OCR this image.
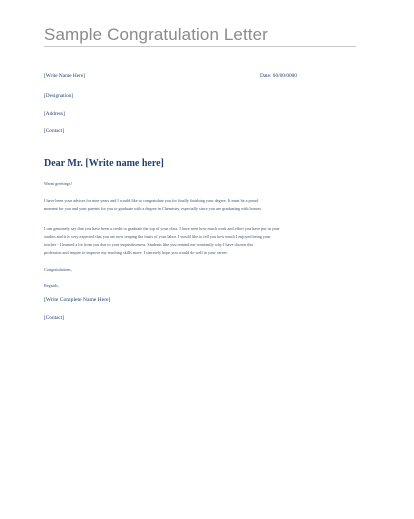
Sample Congratulation Letter
[Write Name Here]	Date: 00/00/0000
[Designation]
[Address]
[Contact]
Dear Mr. [Write name here]
Warm greetings!
I have been your adviser for nine years and I would like to congratulate you for finally finishing your degree. It must be a proud
moment for you and your parents for you to graduate with a degree in Chemistry, especially since you are graduating with honors.
I can genuinely say that you have been a credit to graduate the top of your class. I have seen how much work and effort you have put in your
studies and it is very expected that you are now reaping the fruits of your labor. I would like to tell you how much I enjoyed being your
teacher - I learned a lot from you due to your inquisitiveness. Students like you remind me constantly why I have chosen this
profession and inspire to improve my teaching skills more. I sincerely hope you would do well in your career.
Congratulations,
Regards,
[Write Complete Name Here]
[Contact]
